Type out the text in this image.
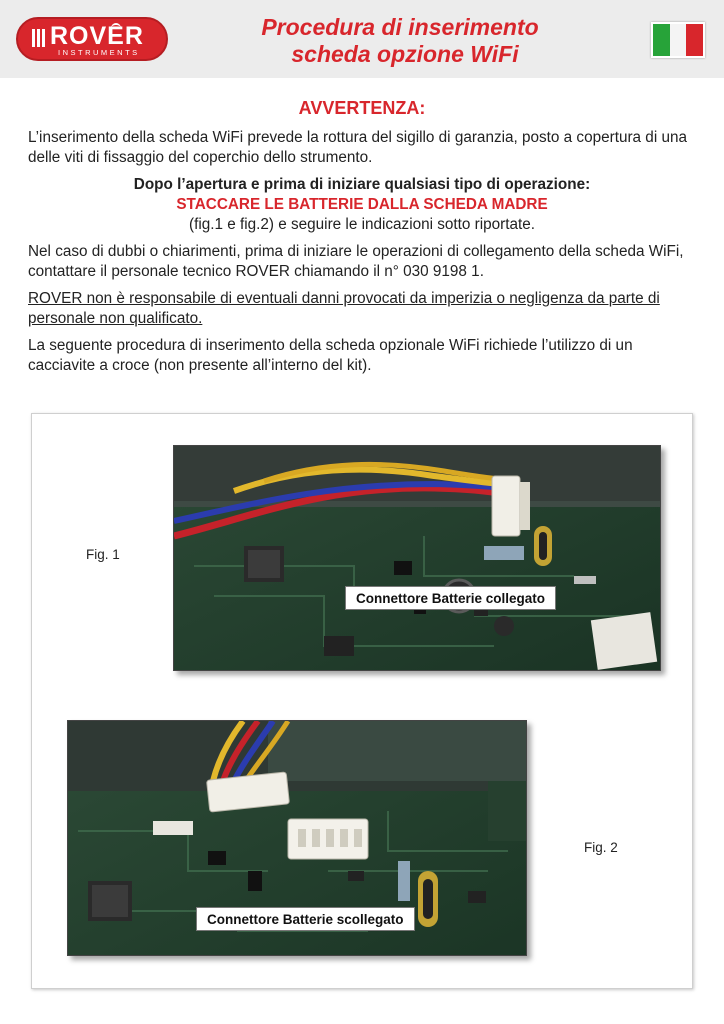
ROVER
INSTRUMENTS
Procedura di inserimento
scheda opzione WiFi
AVVERTENZA:
L’inserimento della scheda WiFi prevede la rottura del sigillo di garanzia, posto a copertura di una delle viti di fissaggio del coperchio dello strumento.
Dopo l’apertura e prima di iniziare qualsiasi tipo di operazione:
STACCARE LE BATTERIE DALLA SCHEDA MADRE
(fig.1 e fig.2) e seguire le indicazioni sotto riportate.
Nel caso di dubbi o chiarimenti, prima di iniziare le operazioni di collegamento della scheda WiFi, contattare il personale tecnico ROVER chiamando il n° 030 9198 1.
ROVER non è responsabile di eventuali danni provocati da imperizia o negligenza da parte di personale non qualificato.
La seguente procedura di inserimento della scheda opzionale WiFi richiede l’utilizzo di un cacciavite a croce (non presente all’interno del kit).
Fig. 1
Connettore Batterie collegato
Connettore Batterie scollegato
Fig. 2
